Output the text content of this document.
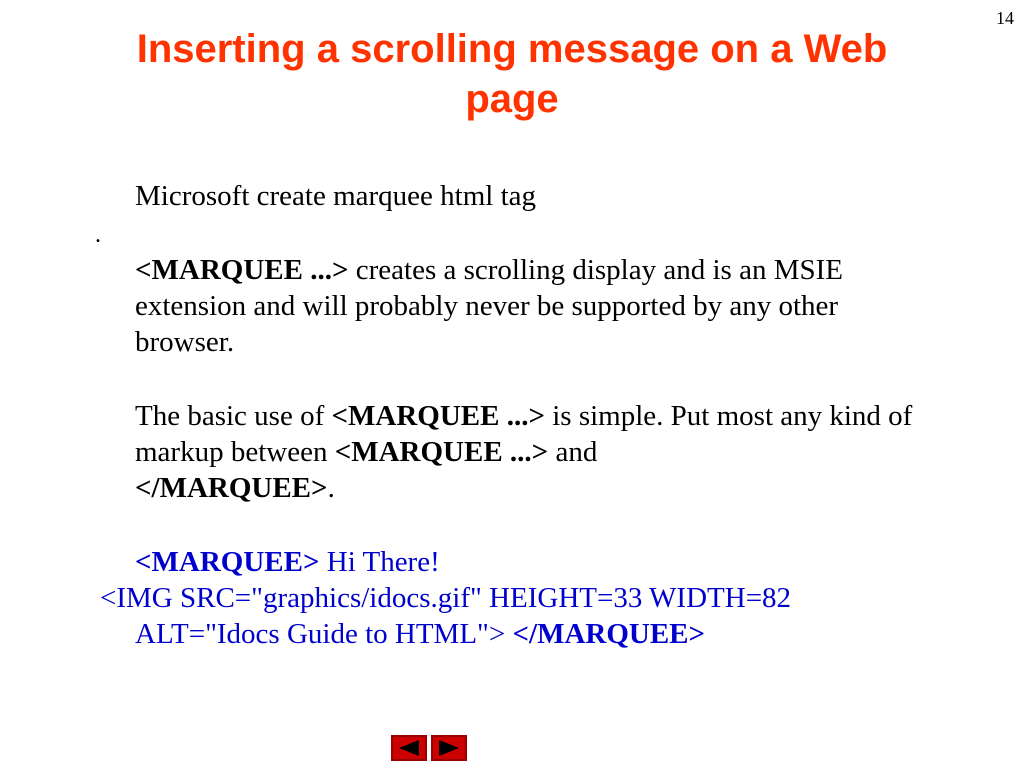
14
Inserting a scrolling message on a Web page
.
Microsoft create marquee html tag
<MARQUEE ...> creates a scrolling display and is an MSIE extension and will probably never be supported by any other browser.
The basic use of <MARQUEE ...> is simple. Put most any kind of markup between <MARQUEE ...> and
</MARQUEE>.
<MARQUEE> Hi There!
<IMG SRC="graphics/idocs.gif" HEIGHT=33 WIDTH=82
ALT="Idocs Guide to HTML"> </MARQUEE>
